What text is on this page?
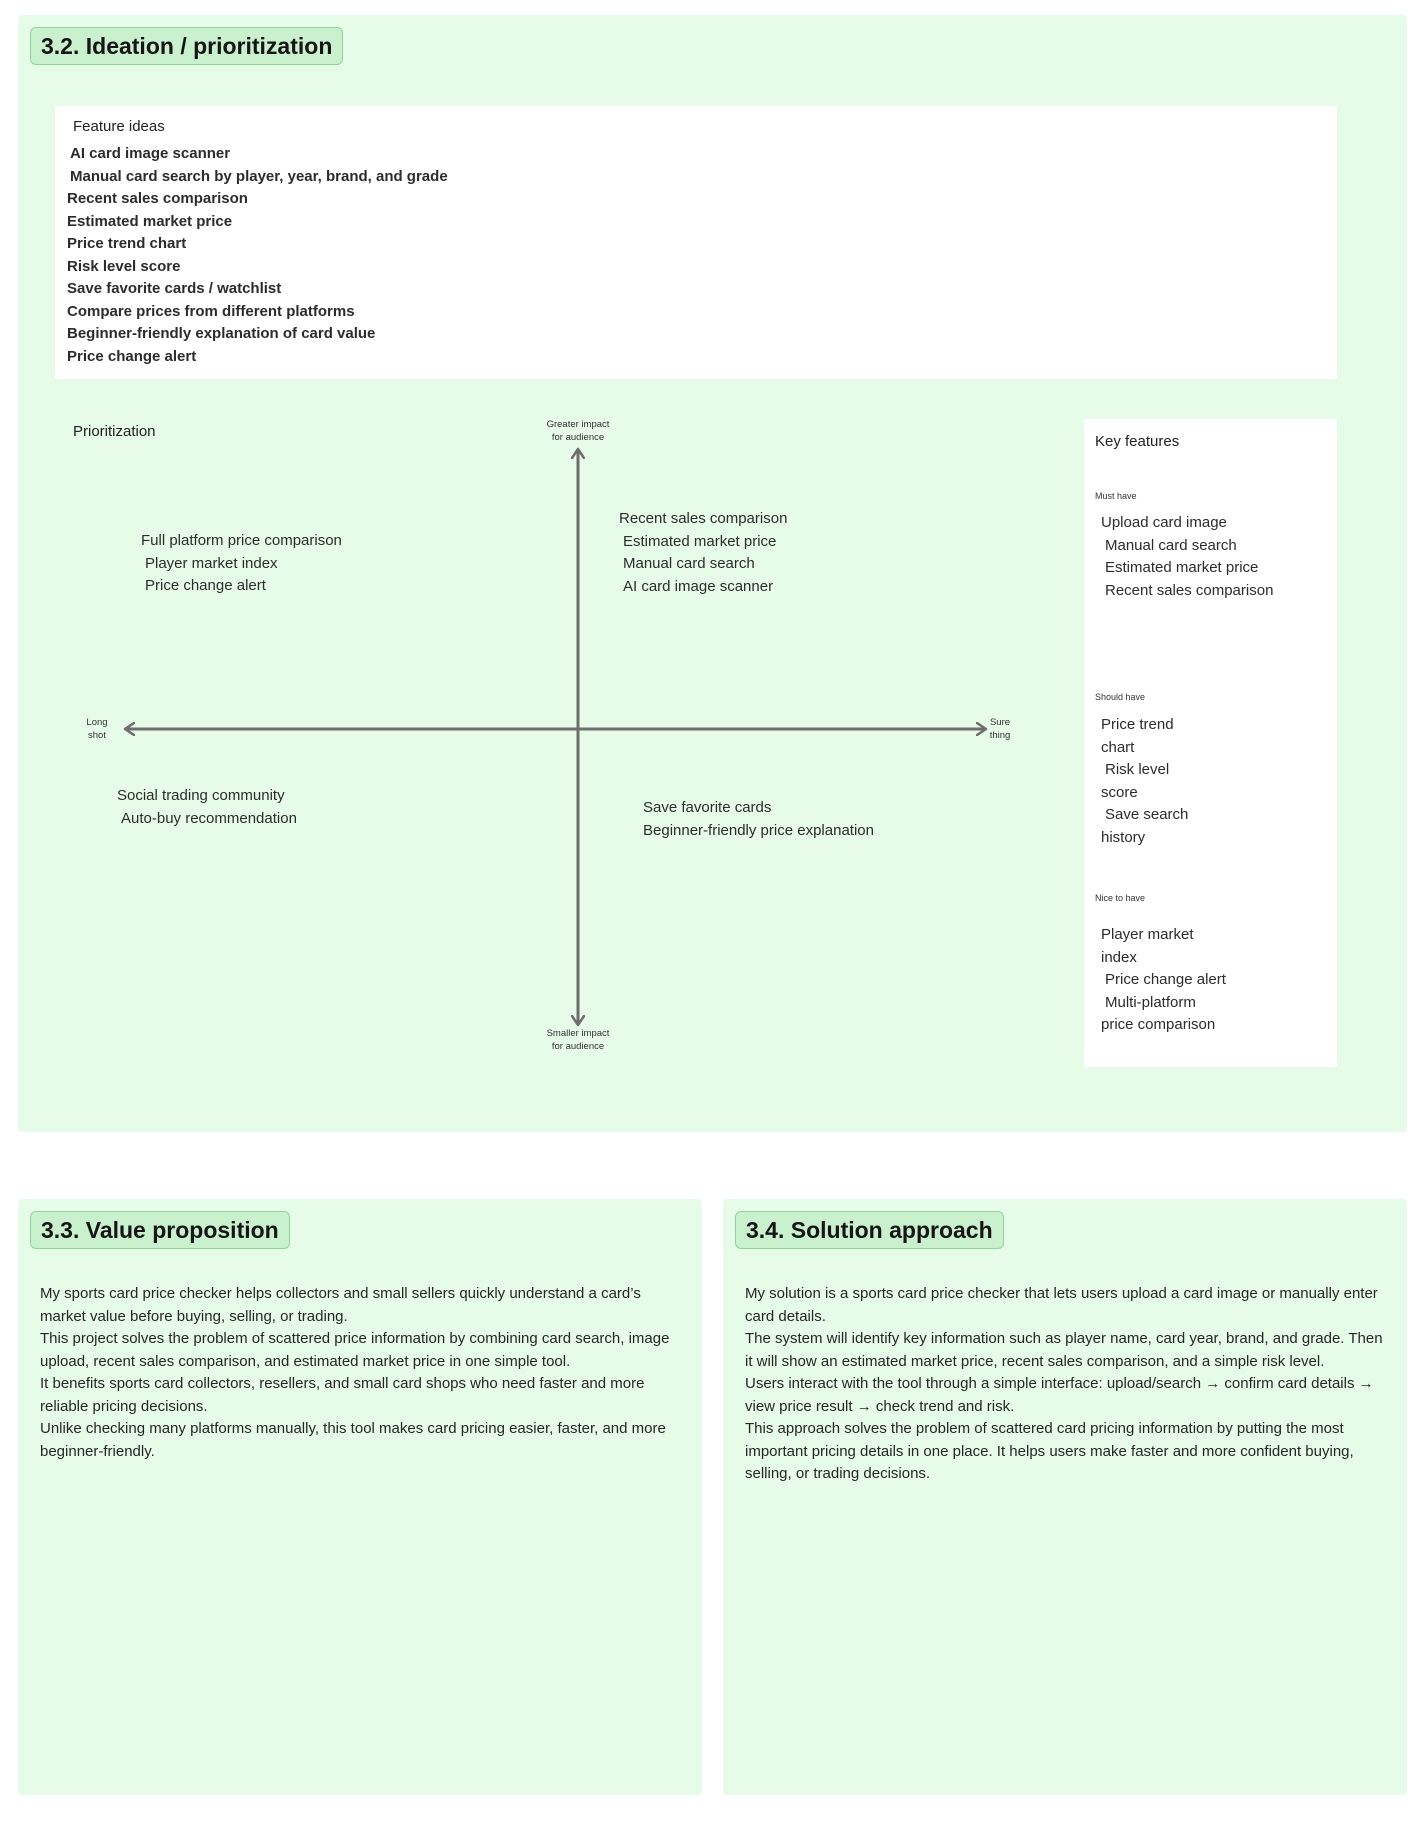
3.2. Ideation / prioritization
Feature ideas
AI card image scanner
Manual card search by player, year, brand, and grade
Recent sales comparison
Estimated market price
Price trend chart
Risk level score
Save favorite cards / watchlist
Compare prices from different platforms
Beginner-friendly explanation of card value
Price change alert
Prioritization	Greater impact
for audience
Smaller impact
for audience
Long
shot
Sure
thing
Full platform price comparison
Player market index
Price change alert
Recent sales comparison
Estimated market price
Manual card search
AI card image scanner
Social trading community
Auto-buy recommendation
Save favorite cards
Beginner-friendly price explanation
Key features
Must have
Upload card image
Manual card search
Estimated market price
Recent sales comparison
Should have
Price trend
chart
Risk level
score
Save search
history
Nice to have
Player market
index
Price change alert
Multi-platform
price comparison
3.3. Value proposition

My sports card price checker helps collectors and small sellers quickly understand a card’s market value before buying, selling, or trading.

This project solves the problem of scattered price information by combining card search, image upload, recent sales comparison, and estimated market price in one simple tool.

It benefits sports card collectors, resellers, and small card shops who need faster and more reliable pricing decisions.

Unlike checking many platforms manually, this tool makes card pricing easier, faster, and more beginner-friendly.

3.4. Solution approach

My solution is a sports card price checker that lets users upload a card image or manually enter card details.

The system will identify key information such as player name, card year, brand, and grade. Then it will show an estimated market price, recent sales comparison, and a simple risk level.

Users interact with the tool through a simple interface: upload/search → confirm card details → view price result → check trend and risk.

This approach solves the problem of scattered card pricing information by putting the most important pricing details in one place. It helps users make faster and more confident buying, selling, or trading decisions.
